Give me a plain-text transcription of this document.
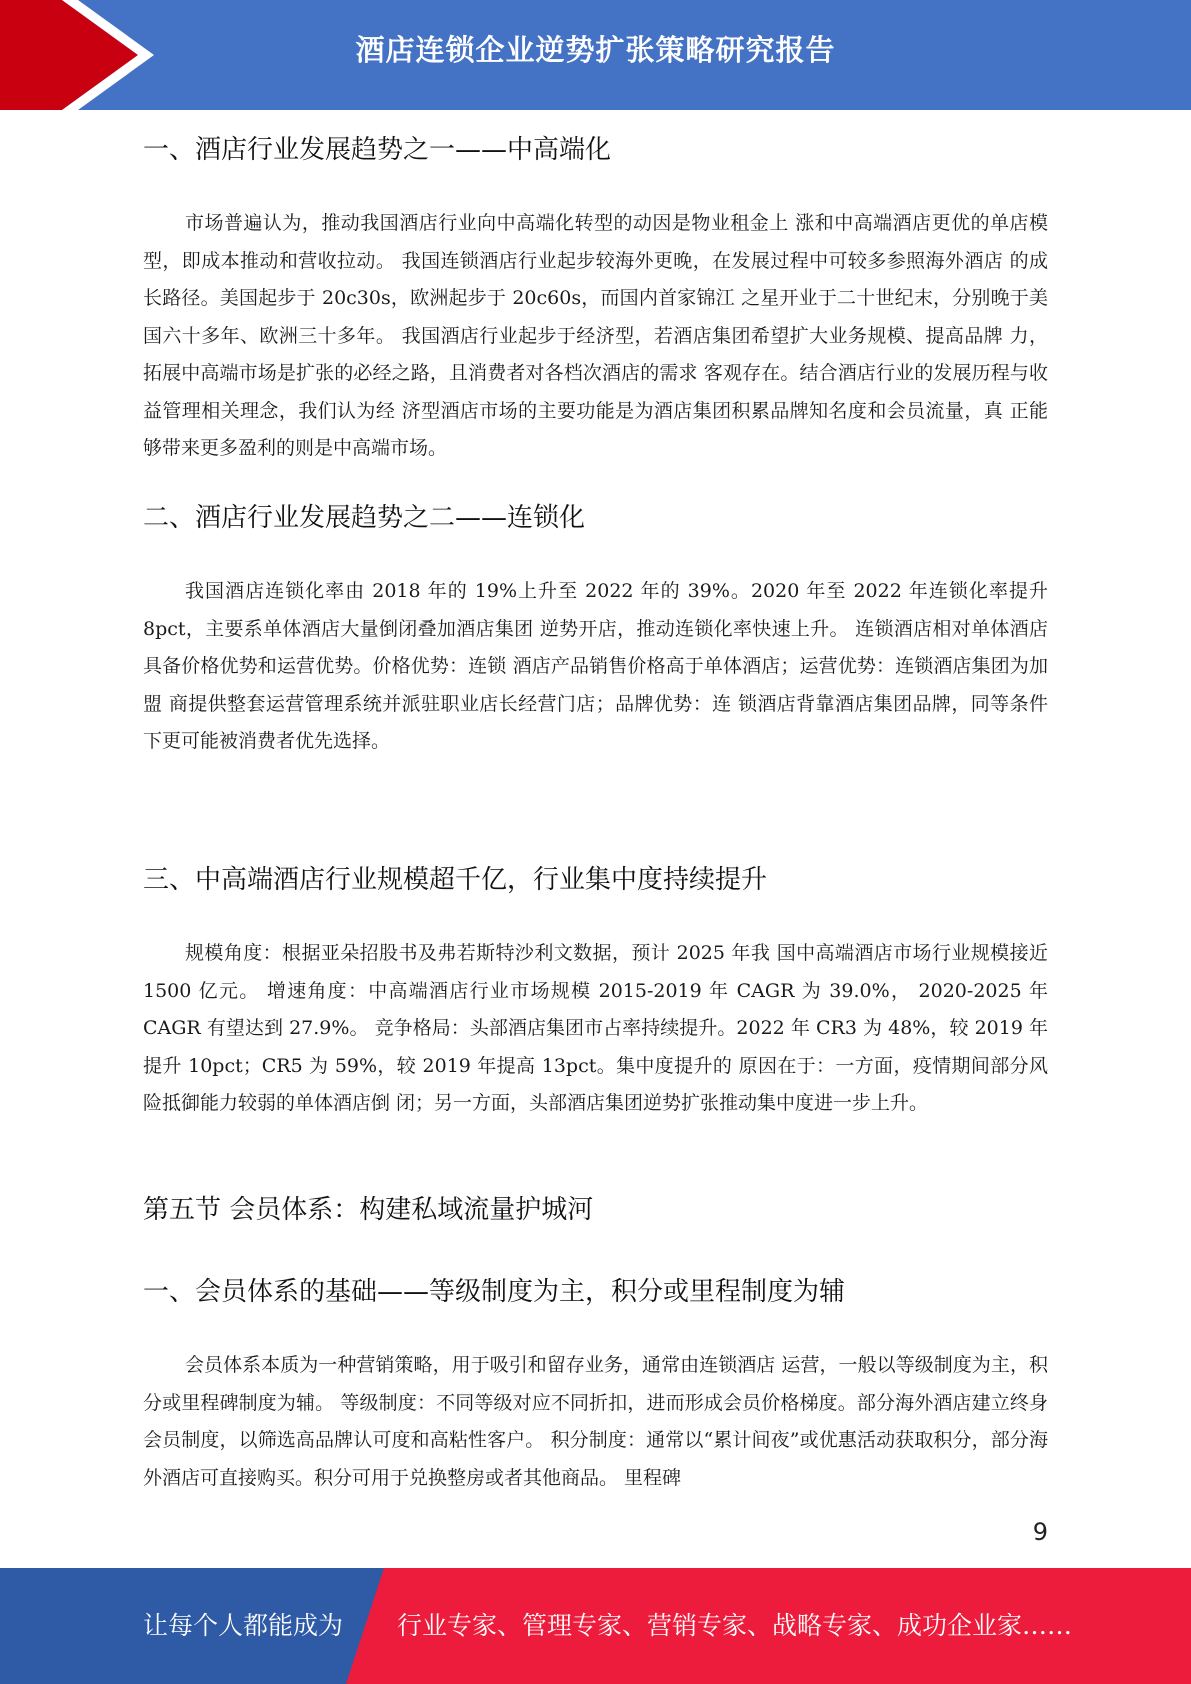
酒店连锁企业逆势扩张策略研究报告
一、酒店行业发展趋势之一——中高端化

市场普遍认为，推动我国酒店行业向中高端化转型的动因是物业租金上 涨和中高端酒店更优的单店模型，即成本推动和营收拉动。 我国连锁酒店行业起步较海外更晚，在发展过程中可较多参照海外酒店 的成长路径。美国起步于 20c30s，欧洲起步于 20c60s，而国内首家锦江 之星开业于二十世纪末，分别晚于美国六十多年、欧洲三十多年。 我国酒店行业起步于经济型，若酒店集团希望扩大业务规模、提高品牌 力，拓展中高端市场是扩张的必经之路，且消费者对各档次酒店的需求 客观存在。结合酒店行业的发展历程与收益管理相关理念，我们认为经 济型酒店市场的主要功能是为酒店集团积累品牌知名度和会员流量，真 正能够带来更多盈利的则是中高端市场。

二、酒店行业发展趋势之二——连锁化

我国酒店连锁化率由 2018 年的 19%上升至 2022 年的 39%。2020 年至 2022 年连锁化率提升 8pct，主要系单体酒店大量倒闭叠加酒店集团 逆势开店，推动连锁化率快速上升。 连锁酒店相对单体酒店具备价格优势和运营优势。价格优势：连锁 酒店产品销售价格高于单体酒店；运营优势：连锁酒店集团为加盟 商提供整套运营管理系统并派驻职业店长经营门店；品牌优势：连 锁酒店背靠酒店集团品牌，同等条件下更可能被消费者优先选择。

三、中高端酒店行业规模超千亿，行业集中度持续提升

规模角度：根据亚朵招股书及弗若斯特沙利文数据，预计 2025 年我 国中高端酒店市场行业规模接近 1500 亿元。 增速角度：中高端酒店行业市场规模 2015-2019 年 CAGR 为 39.0%， 2020-2025 年 CAGR 有望达到 27.9%。 竞争格局：头部酒店集团市占率持续提升。2022 年 CR3 为 48%，较 2019 年提升 10pct；CR5 为 59%，较 2019 年提高 13pct。集中度提升的 原因在于：一方面，疫情期间部分风险抵御能力较弱的单体酒店倒 闭；另一方面，头部酒店集团逆势扩张推动集中度进一步上升。

第五节 会员体系：构建私域流量护城河
一、会员体系的基础——等级制度为主，积分或里程制度为辅

会员体系本质为一种营销策略，用于吸引和留存业务，通常由连锁酒店 运营，一般以等级制度为主，积分或里程碑制度为辅。 等级制度：不同等级对应不同折扣，进而形成会员价格梯度。部分海外酒店建立终身会员制度，以筛选高品牌认可度和高粘性客户。 积分制度：通常以“累计间夜”或优惠活动获取积分，部分海外酒店可直接购买。积分可用于兑换整房或者其他商品。 里程碑

9
让每个人都能成为 行业专家、管理专家、营销专家、战略专家、成功企业家……
